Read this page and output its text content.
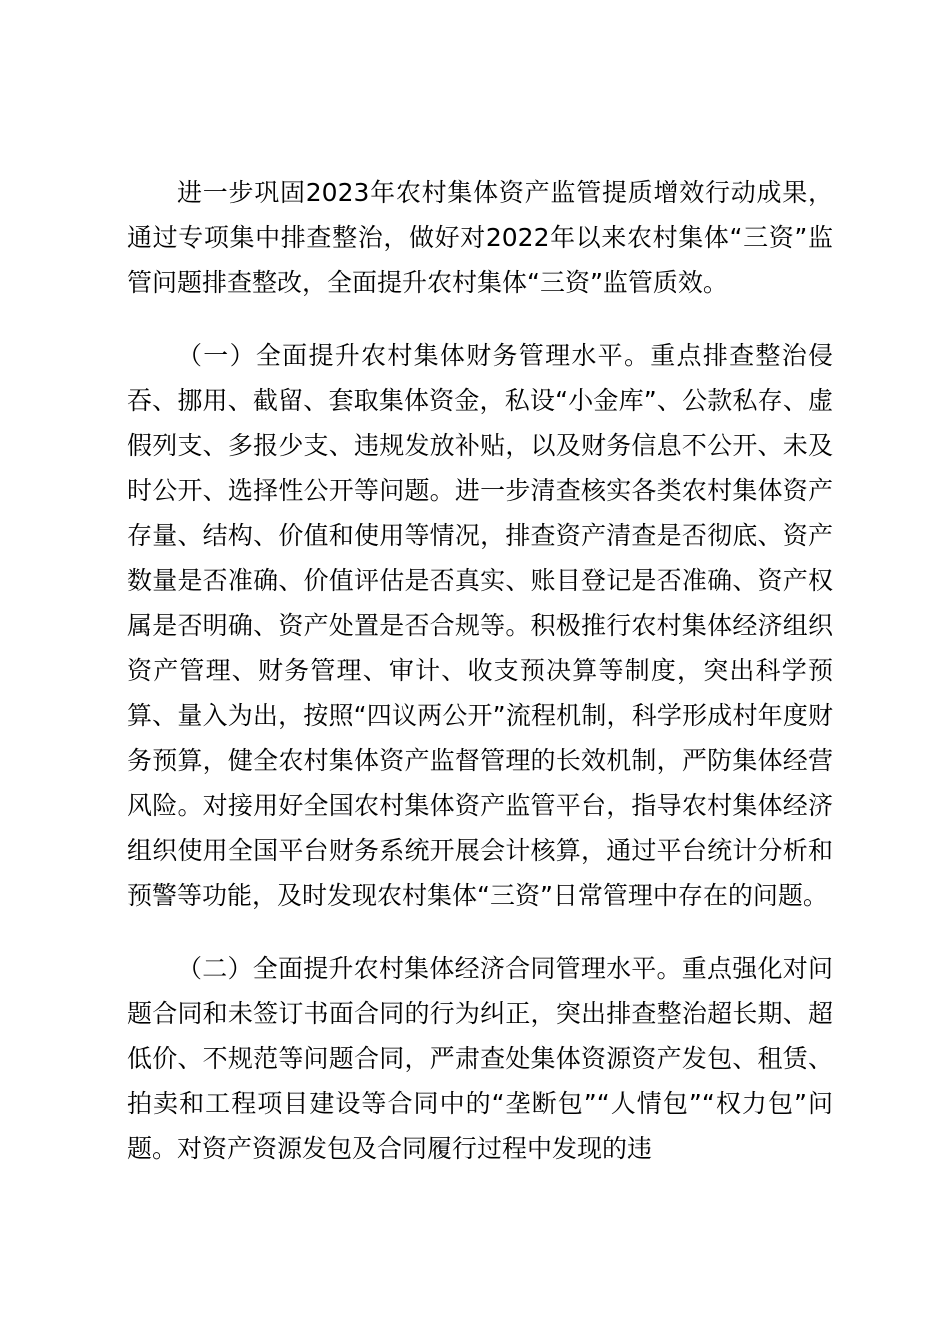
进一步巩固2023年农村集体资产监管提质增效行动成果，通过专项集中排查整治，做好对2022年以来农村集体“三资”监管问题排查整改，全面提升农村集体“三资”监管质效。

（一）全面提升农村集体财务管理水平。重点排查整治侵吞、挪用、截留、套取集体资金，私设“小金库”、公款私存、虚假列支、多报少支、违规发放补贴，以及财务信息不公开、未及时公开、选择性公开等问题。进一步清查核实各类农村集体资产存量、结构、价值和使用等情况，排查资产清查是否彻底、资产数量是否准确、价值评估是否真实、账目登记是否准确、资产权属是否明确、资产处置是否合规等。积极推行农村集体经济组织资产管理、财务管理、审计、收支预决算等制度，突出科学预算、量入为出，按照“四议两公开”流程机制，科学形成村年度财务预算，健全农村集体资产监督管理的长效机制，严防集体经营风险。对接用好全国农村集体资产监管平台，指导农村集体经济组织使用全国平台财务系统开展会计核算，通过平台统计分析和预警等功能，及时发现农村集体“三资”日常管理中存在的问题。

（二）全面提升农村集体经济合同管理水平。重点强化对问题合同和未签订书面合同的行为纠正，突出排查整治超长期、超低价、不规范等问题合同，严肃查处集体资源资产发包、租赁、拍卖和工程项目建设等合同中的“垄断包”“人情包”“权力包”问题。对资产资源发包及合同履行过程中发现的违
